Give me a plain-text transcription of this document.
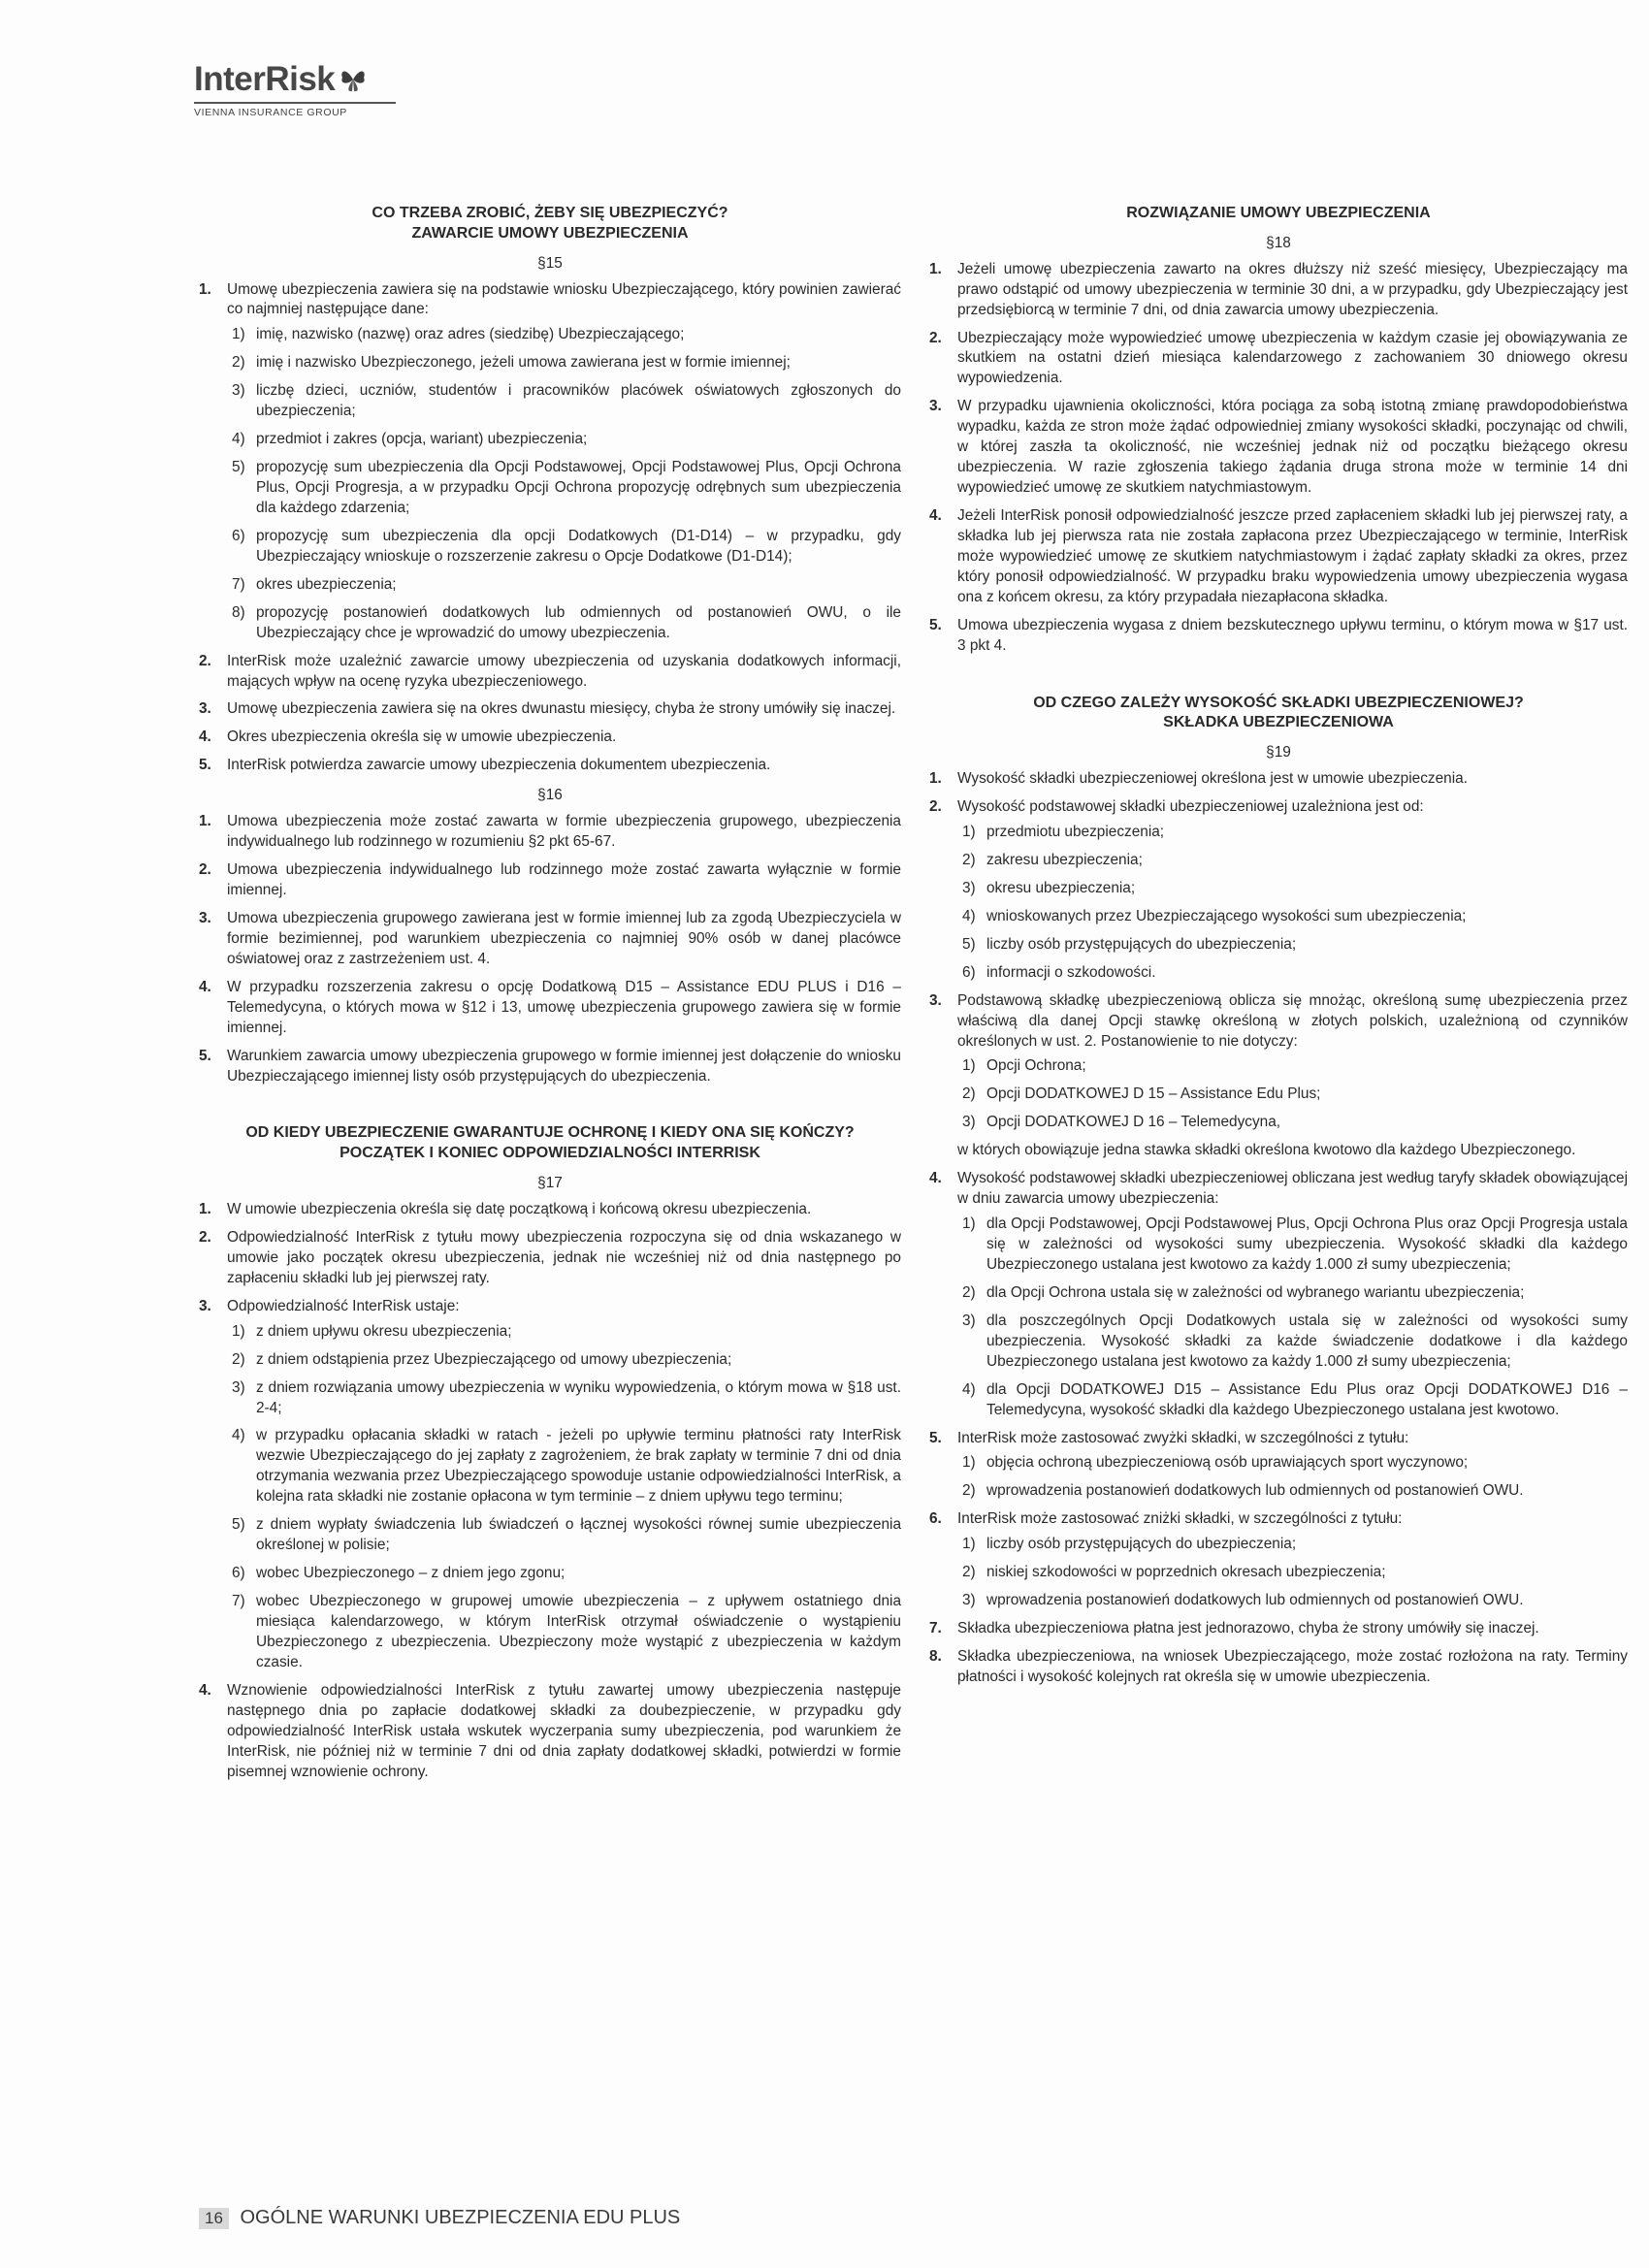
InterRisk
VIENNA INSURANCE GROUP
CO TRZEBA ZROBIĆ, ŻEBY SIĘ UBEZPIECZYĆ?
ZAWARCIE UMOWY UBEZPIECZENIA
§15
1. Umowę ubezpieczenia zawiera się na podstawie wniosku Ubezpieczającego, który powinien zawierać co najmniej następujące dane:
1) imię, nazwisko (nazwę) oraz adres (siedzibę) Ubezpieczającego;
2) imię i nazwisko Ubezpieczonego, jeżeli umowa zawierana jest w formie imiennej;
3) liczbę dzieci, uczniów, studentów i pracowników placówek oświatowych zgłoszonych do ubezpieczenia;
4) przedmiot i zakres (opcja, wariant) ubezpieczenia;
5) propozycję sum ubezpieczenia dla Opcji Podstawowej, Opcji Podstawowej Plus, Opcji Ochrona Plus, Opcji Progresja, a w przypadku Opcji Ochrona propozycję odrębnych sum ubezpieczenia dla każdego zdarzenia;
6) propozycję sum ubezpieczenia dla opcji Dodatkowych (D1-D14) – w przypadku, gdy Ubezpieczający wnioskuje o rozszerzenie zakresu o Opcje Dodatkowe (D1-D14);
7) okres ubezpieczenia;
8) propozycję postanowień dodatkowych lub odmiennych od postanowień OWU, o ile Ubezpieczający chce je wprowadzić do umowy ubezpieczenia.
2. InterRisk może uzależnić zawarcie umowy ubezpieczenia od uzyskania dodatkowych informacji, mających wpływ na ocenę ryzyka ubezpieczeniowego.
3. Umowę ubezpieczenia zawiera się na okres dwunastu miesięcy, chyba że strony umówiły się inaczej.
4. Okres ubezpieczenia określa się w umowie ubezpieczenia.
5. InterRisk potwierdza zawarcie umowy ubezpieczenia dokumentem ubezpieczenia.
§16
1. Umowa ubezpieczenia może zostać zawarta w formie ubezpieczenia grupowego, ubezpieczenia indywidualnego lub rodzinnego w rozumieniu §2 pkt 65-67.
2. Umowa ubezpieczenia indywidualnego lub rodzinnego może zostać zawarta wyłącznie w formie imiennej.
3. Umowa ubezpieczenia grupowego zawierana jest w formie imiennej lub za zgodą Ubezpieczyciela w formie bezimiennej, pod warunkiem ubezpieczenia co najmniej 90% osób w danej placówce oświatowej oraz z zastrzeżeniem ust. 4.
4. W przypadku rozszerzenia zakresu o opcję Dodatkową D15 – Assistance EDU PLUS i D16 – Telemedycyna, o których mowa w §12 i 13, umowę ubezpieczenia grupowego zawiera się w formie imiennej.
5. Warunkiem zawarcia umowy ubezpieczenia grupowego w formie imiennej jest dołączenie do wniosku Ubezpieczającego imiennej listy osób przystępujących do ubezpieczenia.
OD KIEDY UBEZPIECZENIE GWARANTUJE OCHRONĘ I KIEDY ONA SIĘ KOŃCZY?
POCZĄTEK I KONIEC ODPOWIEDZIALNOŚCI INTERRISK
§17
1. W umowie ubezpieczenia określa się datę początkową i końcową okresu ubezpieczenia.
2. Odpowiedzialność InterRisk z tytułu mowy ubezpieczenia rozpoczyna się od dnia wskazanego w umowie jako początek okresu ubezpieczenia, jednak nie wcześniej niż od dnia następnego po zapłaceniu składki lub jej pierwszej raty.
3. Odpowiedzialność InterRisk ustaje:
1) z dniem upływu okresu ubezpieczenia;
2) z dniem odstąpienia przez Ubezpieczającego od umowy ubezpieczenia;
3) z dniem rozwiązania umowy ubezpieczenia w wyniku wypowiedzenia, o którym mowa w §18 ust. 2-4;
4) w przypadku opłacania składki w ratach - jeżeli po upływie terminu płatności raty InterRisk wezwie Ubezpieczającego do jej zapłaty z zagrożeniem, że brak zapłaty w terminie 7 dni od dnia otrzymania wezwania przez Ubezpieczającego spowoduje ustanie odpowiedzialności InterRisk, a kolejna rata składki nie zostanie opłacona w tym terminie – z dniem upływu tego terminu;
5) z dniem wypłaty świadczenia lub świadczeń o łącznej wysokości równej sumie ubezpieczenia określonej w polisie;
6) wobec Ubezpieczonego – z dniem jego zgonu;
7) wobec Ubezpieczonego w grupowej umowie ubezpieczenia – z upływem ostatniego dnia miesiąca kalendarzowego, w którym InterRisk otrzymał oświadczenie o wystąpieniu Ubezpieczonego z ubezpieczenia. Ubezpieczony może wystąpić z ubezpieczenia w każdym czasie.
4. Wznowienie odpowiedzialności InterRisk z tytułu zawartej umowy ubezpieczenia następuje następnego dnia po zapłacie dodatkowej składki za doubezpieczenie, w przypadku gdy odpowiedzialność InterRisk ustała wskutek wyczerpania sumy ubezpieczenia, pod warunkiem że InterRisk, nie później niż w terminie 7 dni od dnia zapłaty dodatkowej składki, potwierdzi w formie pisemnej wznowienie ochrony.
ROZWIĄZANIE UMOWY UBEZPIECZENIA
§18
1. Jeżeli umowę ubezpieczenia zawarto na okres dłuższy niż sześć miesięcy, Ubezpieczający ma prawo odstąpić od umowy ubezpieczenia w terminie 30 dni, a w przypadku, gdy Ubezpieczający jest przedsiębiorcą w terminie 7 dni, od dnia zawarcia umowy ubezpieczenia.
2. Ubezpieczający może wypowiedzieć umowę ubezpieczenia w każdym czasie jej obowiązywania ze skutkiem na ostatni dzień miesiąca kalendarzowego z zachowaniem 30 dniowego okresu wypowiedzenia.
3. W przypadku ujawnienia okoliczności, która pociąga za sobą istotną zmianę prawdopodobieństwa wypadku, każda ze stron może żądać odpowiedniej zmiany wysokości składki, poczynając od chwili, w której zaszła ta okoliczność, nie wcześniej jednak niż od początku bieżącego okresu ubezpieczenia. W razie zgłoszenia takiego żądania druga strona może w terminie 14 dni wypowiedzieć umowę ze skutkiem natychmiastowym.
4. Jeżeli InterRisk ponosił odpowiedzialność jeszcze przed zapłaceniem składki lub jej pierwszej raty, a składka lub jej pierwsza rata nie została zapłacona przez Ubezpieczającego w terminie, InterRisk może wypowiedzieć umowę ze skutkiem natychmiastowym i żądać zapłaty składki za okres, przez który ponosił odpowiedzialność. W przypadku braku wypowiedzenia umowy ubezpieczenia wygasa ona z końcem okresu, za który przypadała niezapłacona składka.
5. Umowa ubezpieczenia wygasa z dniem bezskutecznego upływu terminu, o którym mowa w §17 ust. 3 pkt 4.
OD CZEGO ZALEŻY WYSOKOŚĆ SKŁADKI UBEZPIECZENIOWEJ?
SKŁADKA UBEZPIECZENIOWA
§19
1. Wysokość składki ubezpieczeniowej określona jest w umowie ubezpieczenia.
2. Wysokość podstawowej składki ubezpieczeniowej uzależniona jest od:
1) przedmiotu ubezpieczenia;
2) zakresu ubezpieczenia;
3) okresu ubezpieczenia;
4) wnioskowanych przez Ubezpieczającego wysokości sum ubezpieczenia;
5) liczby osób przystępujących do ubezpieczenia;
6) informacji o szkodowości.
3. Podstawową składkę ubezpieczeniową oblicza się mnożąc, określoną sumę ubezpieczenia przez właściwą dla danej Opcji stawkę określoną w złotych polskich, uzależnioną od czynników określonych w ust. 2. Postanowienie to nie dotyczy:
1) Opcji Ochrona;
2) Opcji DODATKOWEJ D 15 – Assistance Edu Plus;
3) Opcji DODATKOWEJ D 16 – Telemedycyna,
w których obowiązuje jedna stawka składki określona kwotowo dla każdego Ubezpieczonego.
4. Wysokość podstawowej składki ubezpieczeniowej obliczana jest według taryfy składek obowiązującej w dniu zawarcia umowy ubezpieczenia:
1) dla Opcji Podstawowej, Opcji Podstawowej Plus, Opcji Ochrona Plus oraz Opcji Progresja ustala się w zależności od wysokości sumy ubezpieczenia. Wysokość składki dla każdego Ubezpieczonego ustalana jest kwotowo za każdy 1.000 zł sumy ubezpieczenia;
2) dla Opcji Ochrona ustala się w zależności od wybranego wariantu ubezpieczenia;
3) dla poszczególnych Opcji Dodatkowych ustala się w zależności od wysokości sumy ubezpieczenia. Wysokość składki za każde świadczenie dodatkowe i dla każdego Ubezpieczonego ustalana jest kwotowo za każdy 1.000 zł sumy ubezpieczenia;
4) dla Opcji DODATKOWEJ D15 – Assistance Edu Plus oraz Opcji DODATKOWEJ D16 – Telemedycyna, wysokość składki dla każdego Ubezpieczonego ustalana jest kwotowo.
5. InterRisk może zastosować zwyżki składki, w szczególności z tytułu:
1) objęcia ochroną ubezpieczeniową osób uprawiających sport wyczynowo;
2) wprowadzenia postanowień dodatkowych lub odmiennych od postanowień OWU.
6. InterRisk może zastosować zniżki składki, w szczególności z tytułu:
1) liczby osób przystępujących do ubezpieczenia;
2) niskiej szkodowości w poprzednich okresach ubezpieczenia;
3) wprowadzenia postanowień dodatkowych lub odmiennych od postanowień OWU.
7. Składka ubezpieczeniowa płatna jest jednorazowo, chyba że strony umówiły się inaczej.
8. Składka ubezpieczeniowa, na wniosek Ubezpieczającego, może zostać rozłożona na raty. Terminy płatności i wysokość kolejnych rat określa się w umowie ubezpieczenia.
16 OGÓLNE WARUNKI UBEZPIECZENIA EDU PLUS
